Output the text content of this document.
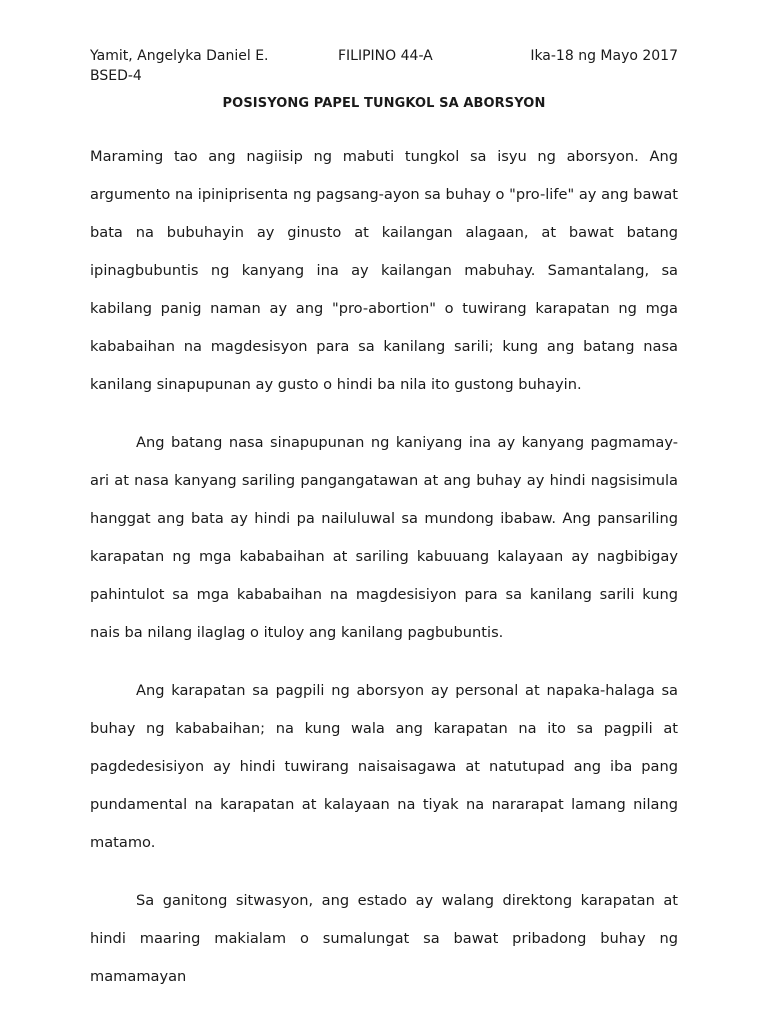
Yamit, Angelyka Daniel E.	FILIPINO 44-A	Ika-18 ng Mayo 2017
BSED-4
POSISYONG PAPEL TUNGKOL SA ABORSYON

Maraming tao ang nagiisip ng mabuti tungkol sa isyu ng aborsyon. Ang argumento na ipiniprisenta ng pagsang-ayon sa buhay o "pro-life" ay ang bawat bata na bubuhayin ay ginusto at kailangan alagaan, at bawat batang ipinagbubuntis ng kanyang ina ay kailangan mabuhay. Samantalang, sa kabilang panig naman ay ang "pro-abortion" o tuwirang karapatan ng mga kababaihan na magdesisyon para sa kanilang sarili; kung ang batang nasa kanilang sinapupunan ay gusto o hindi ba nila ito gustong buhayin.

Ang batang nasa sinapupunan ng kaniyang ina ay kanyang pagmamay-ari at nasa kanyang sariling pangangatawan at ang buhay ay hindi nagsisimula hanggat ang bata ay hindi pa nailuluwal sa mundong ibabaw. Ang pansariling karapatan ng mga kababaihan at sariling kabuuang kalayaan ay nagbibigay pahintulot sa mga kababaihan na magdesisiyon para sa kanilang sarili kung nais ba nilang ilaglag o ituloy ang kanilang pagbubuntis.

Ang karapatan sa pagpili ng aborsyon ay personal at napaka-halaga sa buhay ng kababaihan; na kung wala ang karapatan na ito sa pagpili at pagdedesisiyon ay hindi tuwirang naisaisagawa at natutupad ang iba pang pundamental na karapatan at kalayaan na tiyak na nararapat lamang nilang matamo.

Sa ganitong sitwasyon, ang estado ay walang direktong karapatan at hindi maaring makialam o sumalungat sa bawat pribadong buhay ng mamamayan
